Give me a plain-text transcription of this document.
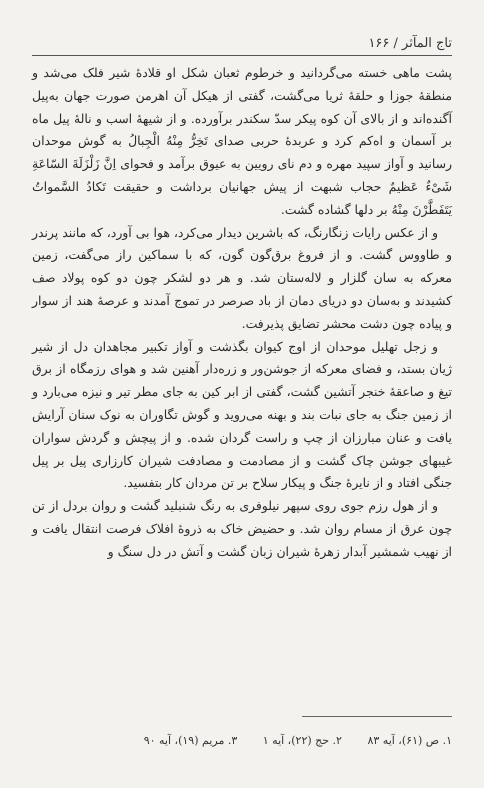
تاج المآثر / ۱۶۶

پشت ماهی خسته می‌گردانید و خرطوم ثعبان شکل او قلادهٔ شیر فلک می‌شد و منطقهٔ جوزا و حلقهٔ ثریا می‌گشت، گفتی از هیکل آن اهرمن صورت جهان به‌پیل آگنده‌اند و از بالای آن کوه پیکر سدّ سکندر برآورده. و از شیههٔ اسب و نالهٔ پیل ماه بر آسمان و اه‌کم کرد و عربدهٔ حربی صدای تَخِرُّ مِنْهُ الْجِبالُ به گوش موحدان رسانید و آواز سپید مهره و دم نای رویین به عیوق برآمد و فحوای اِنَّ زَلْزَلَةَ السّاعَةِ شَیْءٌ عَظیمٌ حجاب شبهت از پیش جهانیان برداشت و حقیقت تَکادُ السَّمواتُ یَتَفَطَّرْنَ مِنْهُ بر دلها گشاده گشت.

و از عکس رایات زنگارنگ، که باشرین دیدار می‌کرد، هوا بی آورد، که مانند پرندر و طاووس گشت. و از فروغ برق‌گون گون، که با سماکین راز می‌گفت، زمین معرکه به سان گلزار و لاله‌ستان شد. و هر دو لشکر چون دو کوه پولاد صف کشیدند و به‌سان دو دریای دمان از باد صرصر در تموج آمدند و عرصهٔ هند از سوار و پیاده چون دشت محشر تضایق پذیرفت.

و زجل تهلیل موحدان از اوج کیوان بگذشت و آواز تکبیر مجاهدان دل از شیر ژیان بستد، و فضای معرکه از جوشن‌ور و زره‌دار آهنین شد و هوای رزمگاه از برق تیغ و صاعقهٔ خنجر آتشین گشت، گفتی از ابر کین به جای مطر تیر و نیزه می‌بارد و از زمین جنگ به جای نبات بند و بهنه می‌روید و گوش تگاوران به نوک سنان آرایش یافت و عنان مبارزان از چپ و راست گردان شده. و از پیچش و گردش سواران غیبهای جوشن چاک گشت و از مصادمت و مصادفت شیران کارزاری پیل بر پیل جنگی افتاد و از نایرهٔ جنگ و پیکار سلاح بر تن مردان کار بتفسید.

و از هول رزم جوی روی سپهر نیلوفری به رنگ شنبلید گشت و روان بردل از تن چون عرق از مسام روان شد. و حضیض خاک به ذروهٔ افلاک فرصت انتقال یافت و از نهیب شمشیر آبدار زهرهٔ شیران زبان گشت و آتش در دل سنگ و

۱. ص (۶۱)، آیه ۸۳ ۲. حج (۲۲)، آیه ۱ ۳. مریم (۱۹)، آیه ۹۰
